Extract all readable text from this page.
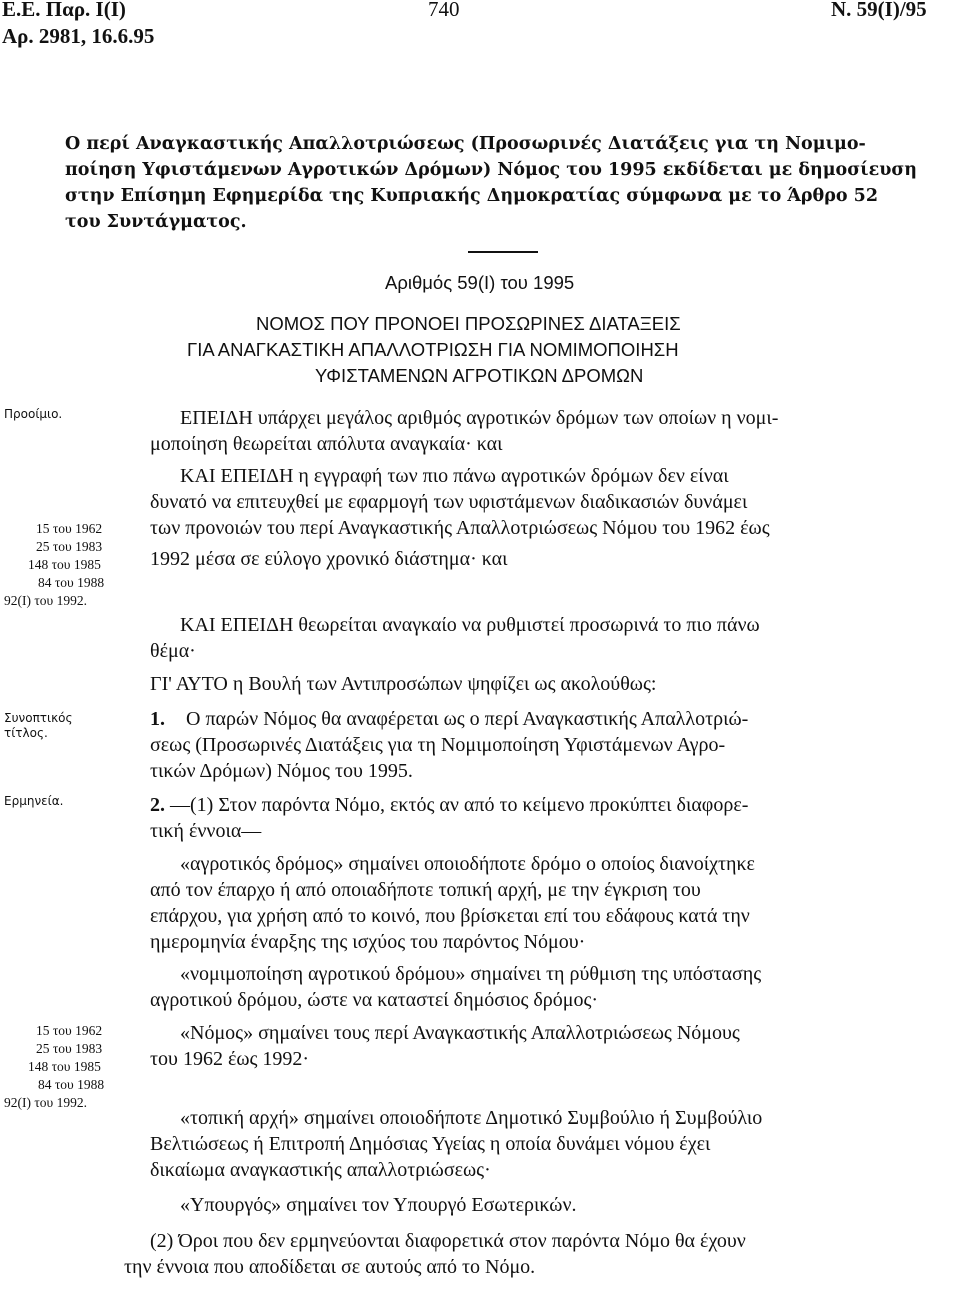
Ε.Ε. Παρ. Ι(Ι)
Αρ. 2981, 16.6.95
740	Ν. 59(Ι)/95
Ο περί Αναγκαστικής Απαλλοτριώσεως (Προσωρινές Διατάξεις για τη Νομιμο-
ποίηση Υφιστάμενων Αγροτικών Δρόμων) Νόμος του 1995 εκδίδεται με δημοσίευση
στην Επίσημη Εφημερίδα της Κυπριακής Δημοκρατίας σύμφωνα με το Άρθρο 52
του Συντάγματος.
Αριθμός 59(Ι) του 1995
ΝΟΜΟΣ ΠΟΥ ΠΡΟΝΟΕΙ ΠΡΟΣΩΡΙΝΕΣ ΔΙΑΤΑΞΕΙΣ
ΓΙΑ ΑΝΑΓΚΑΣΤΙΚΗ ΑΠΑΛΛΟΤΡΙΩΣΗ ΓΙΑ ΝΟΜΙΜΟΠΟΙΗΣΗ
ΥΦΙΣΤΑΜΕΝΩΝ ΑΓΡΟΤΙΚΩΝ ΔΡΟΜΩΝ
Προοίμιο.
15 του 1962
25 του 1983
148 του 1985
84 του 1988
92(Ι) του 1992.
Συνοπτικός
τίτλος.
Ερμηνεία.
15 του 1962
25 του 1983
148 του 1985
84 του 1988
92(Ι) του 1992.
ΕΠΕΙΔΗ υπάρχει μεγάλος αριθμός αγροτικών δρόμων των οποίων η νομι-
μοποίηση θεωρείται απόλυτα αναγκαία· και
ΚΑΙ ΕΠΕΙΔΗ η εγγραφή των πιο πάνω αγροτικών δρόμων δεν είναι
δυνατό να επιτευχθεί με εφαρμογή των υφιστάμενων διαδικασιών δυνάμει
των προνοιών του περί Αναγκαστικής Απαλλοτριώσεως Νόμου του 1962 έως
1992 μέσα σε εύλογο χρονικό διάστημα· και
ΚΑΙ ΕΠΕΙΔΗ θεωρείται αναγκαίο να ρυθμιστεί προσωρινά το πιο πάνω
θέμα·
ΓΙ' ΑΥΤΟ η Βουλή των Αντιπροσώπων ψηφίζει ως ακολούθως:
1. Ο παρών Νόμος θα αναφέρεται ως ο περί Αναγκαστικής Απαλλοτριώ-
σεως (Προσωρινές Διατάξεις για τη Νομιμοποίηση Υφιστάμενων Αγρο-
τικών Δρόμων) Νόμος του 1995.
2. —(1) Στον παρόντα Νόμο, εκτός αν από το κείμενο προκύπτει διαφορε-
τική έννοια—
«αγροτικός δρόμος» σημαίνει οποιοδήποτε δρόμο ο οποίος διανοίχτηκε
από τον έπαρχο ή από οποιαδήποτε τοπική αρχή, με την έγκριση του
επάρχου, για χρήση από το κοινό, που βρίσκεται επί του εδάφους κατά την
ημερομηνία έναρξης της ισχύος του παρόντος Νόμου·
«νομιμοποίηση αγροτικού δρόμου» σημαίνει τη ρύθμιση της υπόστασης
αγροτικού δρόμου, ώστε να καταστεί δημόσιος δρόμος·
«Νόμος» σημαίνει τους περί Αναγκαστικής Απαλλοτριώσεως Νόμους
του 1962 έως 1992·
«τοπική αρχή» σημαίνει οποιοδήποτε Δημοτικό Συμβούλιο ή Συμβούλιο
Βελτιώσεως ή Επιτροπή Δημόσιας Υγείας η οποία δυνάμει νόμου έχει
δικαίωμα αναγκαστικής απαλλοτριώσεως·
«Υπουργός» σημαίνει τον Υπουργό Εσωτερικών.
(2) Όροι που δεν ερμηνεύονται διαφορετικά στον παρόντα Νόμο θα έχουν
την έννοια που αποδίδεται σε αυτούς από το Νόμο.
